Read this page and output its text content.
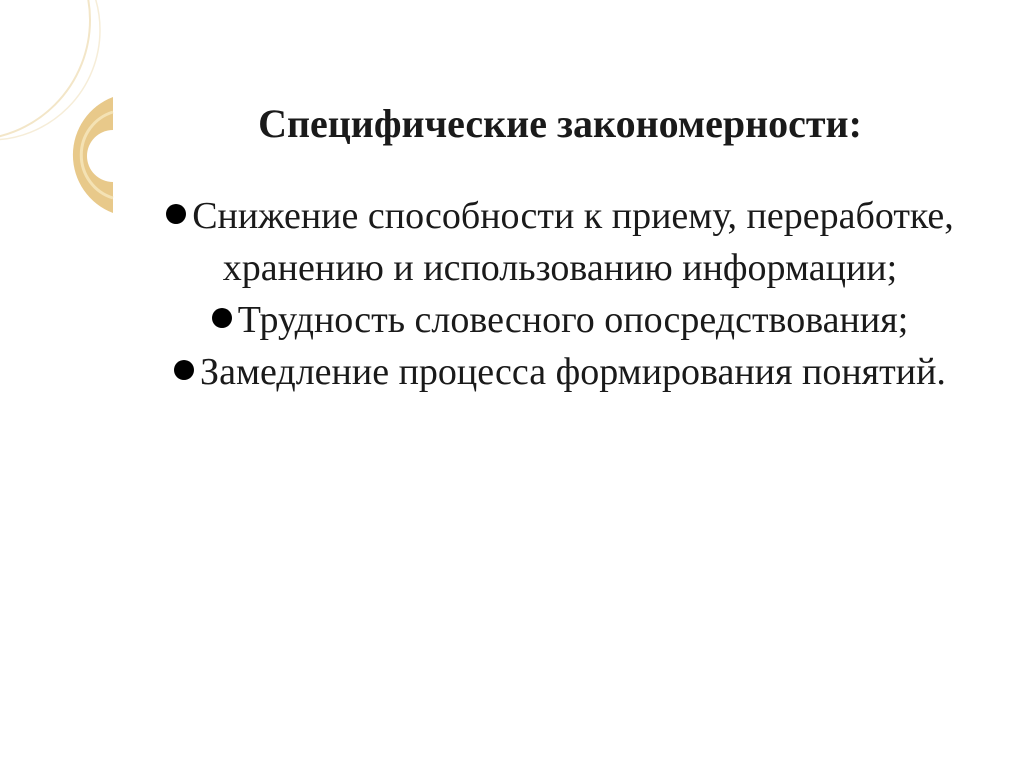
Специфические закономерности:
Снижение способности к приему, переработке, хранению и использованию информации;
Трудность словесного опосредствования;
Замедление процесса формирования понятий.
